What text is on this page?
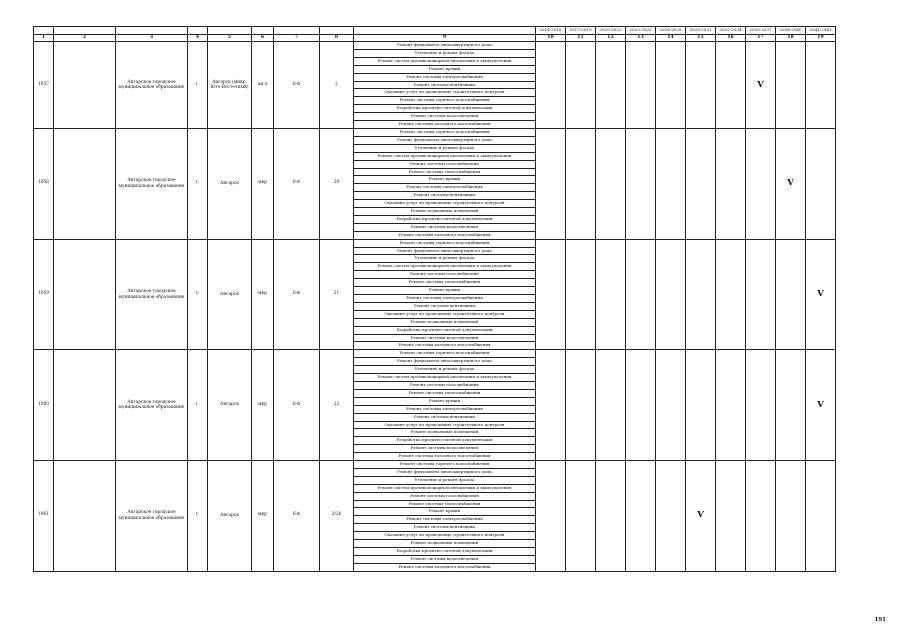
									2014-2016	2017-2019	2020-2022	2023-2025	2026-2028	2029-2031	2032-2034	2035-2037	2038-2040	2041-2043
1	2	3	4	5	6	7	8	9	10	11	12	13	14	15	16	17	18	19
1057		Ангарское городское муниципальное образование	г.	Ангарск (микр. Юго-Восточный)	кв-л	6-й	2	Ремонт фундамента многоквартирного дома								V		
								Утепление и ремонт фасада										
								Ремонт систем противопожарной автоматики и дымоудаления										
								Ремонт крыши										
								Ремонт системы электроснабжения										
								Ремонт системы вентиляции										
								Оказание услуг по проведению строительного контроля										
								Ремонт системы горячего водоснабжения										
								Разработка проектно-сметной документации										
								Ремонт системы водоотведения										
								Ремонт системы холодного водоснабжения										
1058		Ангарское городское муниципальное образование	г.	Ангарск	мкр	6-й	20	Ремонт системы горячего водоснабжения									V	
								Ремонт фундамента многоквартирного дома										
								Утепление и ремонт фасада										
								Ремонт систем противопожарной автоматики и дымоудаления										
								Ремонт системы газоснабжения										
								Ремонт системы теплоснабжения										
								Ремонт крыши										
								Ремонт системы электроснабжения										
								Ремонт системы вентиляции										
								Оказание услуг по проведению строительного контроля										
								Ремонт подвальных помещений										
								Разработка проектно-сметной документации										
								Ремонт системы водоотведения										
								Ремонт системы холодного водоснабжения										
1059		Ангарское городское муниципальное образование	г.	Ангарск	мкр	6-й	21	Ремонт системы горячего водоснабжения										V
								Ремонт фундамента многоквартирного дома										
								Утепление и ремонт фасада										
								Ремонт систем противопожарной автоматики и дымоудаления										
								Ремонт системы газоснабжения										
								Ремонт системы теплоснабжения										
								Ремонт крыши										
								Ремонт системы электроснабжения										
								Ремонт системы вентиляции										
								Оказание услуг по проведению строительного контроля										
								Ремонт подвальных помещений										
								Разработка проектно-сметной документации										
								Ремонт системы водоотведения										
								Ремонт системы холодного водоснабжения										
1060		Ангарское городское муниципальное образование	г.	Ангарск	мкр	6-й	22	Ремонт системы горячего водоснабжения										V
								Ремонт фундамента многоквартирного дома										
								Утепление и ремонт фасада										
								Ремонт систем противопожарной автоматики и дымоудаления										
								Ремонт системы газоснабжения										
								Ремонт системы теплоснабжения										
								Ремонт крыши										
								Ремонт системы электроснабжения										
								Ремонт системы вентиляции										
								Оказание услуг по проведению строительного контроля										
								Ремонт подвальных помещений										
								Разработка проектно-сметной документации										
								Ремонт системы водоотведения										
								Ремонт системы холодного водоснабжения										
1061		Ангарское городское муниципальное образование	г.	Ангарск	мкр	6-й	2/26	Ремонт системы горячего водоснабжения						V				
								Ремонт фундамента многоквартирного дома										
								Утепление и ремонт фасада										
								Ремонт систем противопожарной автоматики и дымоудаления										
								Ремонт системы газоснабжения										
								Ремонт системы теплоснабжения										
								Ремонт крыши										
								Ремонт системы электроснабжения										
								Ремонт системы вентиляции										
								Оказание услуг по проведению строительного контроля										
								Ремонт подвальных помещений										
								Разработка проектно-сметной документации										
								Ремонт системы водоотведения										
								Ремонт системы холодного водоснабжения										
191
